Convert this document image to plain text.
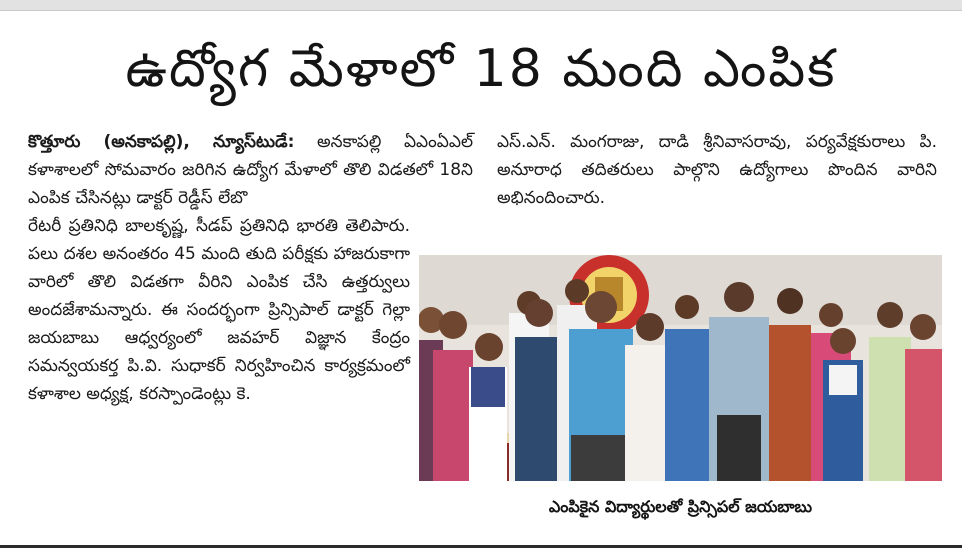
ఉద్యోగ మేళాలో 18 మంది ఎంపిక

కొత్తూరు (అనకాపల్లి), న్యూస్‌టుడే: అనకాపల్లి ఏఎంఏఎల్ కళాశాలలో సోమవారం జరిగిన ఉద్యోగ మేళాలో తొలి విడతలో 18ని ఎంపిక చేసినట్లు డాక్టర్ రెడ్డీస్ లేబొ

రేటరీ ప్రతినిధి బాలకృష్ణ, సీడప్ ప్రతినిధి భారతి తెలిపారు. పలు దశల అనంతరం 45 మంది తుది పరీక్షకు హాజరుకాగా వారిలో తొలి విడతగా వీరిని ఎంపిక చేసి ఉత్తర్వులు అందజేశామన్నారు. ఈ సందర్భంగా ప్రిన్సిపాల్ డాక్టర్ గెల్లా జయబాబు ఆధ్వర్యంలో జవహర్ విజ్ఞాన కేంద్రం సమన్వయకర్త పి.వి. సుధాకర్ నిర్వహించిన కార్యక్రమంలో కళాశాల అధ్యక్ష, కరస్పాండెంట్లు కె.

ఎస్.ఎన్. మంగరాజు, దాడి శ్రీనివాసరావు, పర్యవేక్షకురాలు పి. అనూరాధ తదితరులు పాల్గొని ఉద్యోగాలు పొందిన వారిని అభినందించారు.

ఎంపికైన విద్యార్థులతో ప్రిన్సిపల్ జయబాబు
